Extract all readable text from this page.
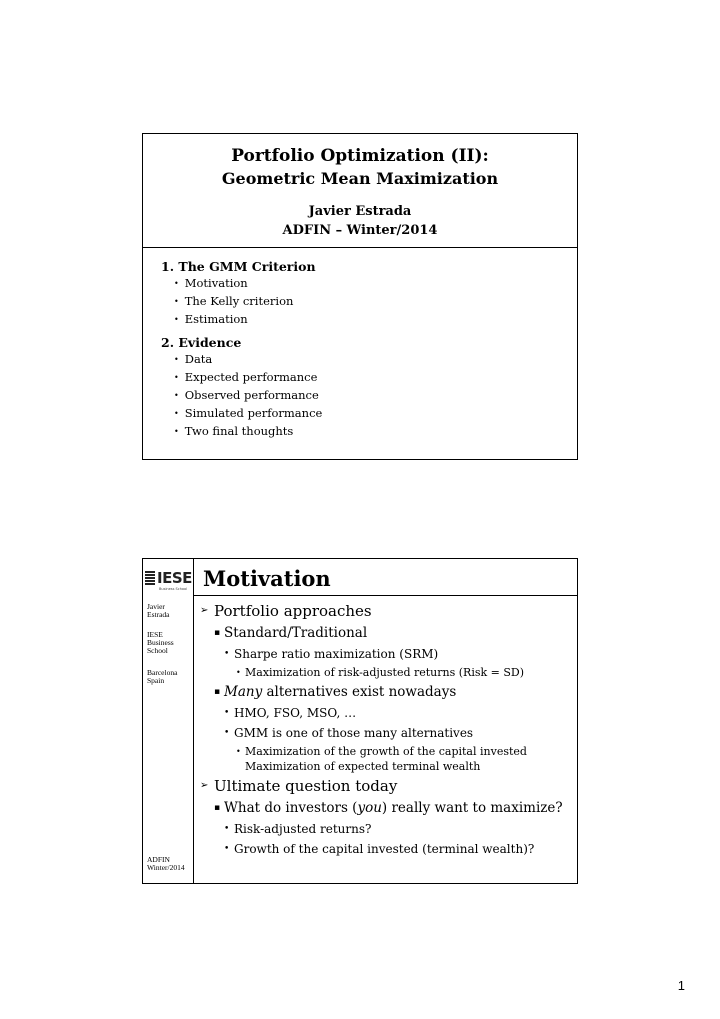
Portfolio Optimization (II):
Geometric Mean Maximization
Javier Estrada
ADFIN – Winter/2014
1. The GMM Criterion
• Motivation
• The Kelly criterion
• Estimation
2. Evidence
• Data
• Expected performance
• Observed performance
• Simulated performance
• Two final thoughts
IESE
Business School Motivation
Javier
Estrada
IESE
Business
School
Barcelona
Spain
ADFIN
Winter/2014
➢ Portfolio approaches
▪ Standard/Traditional
• Sharpe ratio maximization (SRM)
• Maximization of risk-adjusted returns (Risk = SD)
▪ Many alternatives exist nowadays
• HMO, FSO, MSO, …
• GMM is one of those many alternatives
• Maximization of the growth of the capital invested
Maximization of expected terminal wealth
➢ Ultimate question today
▪ What do investors (you) really want to maximize?
• Risk-adjusted returns?
• Growth of the capital invested (terminal wealth)?
1
